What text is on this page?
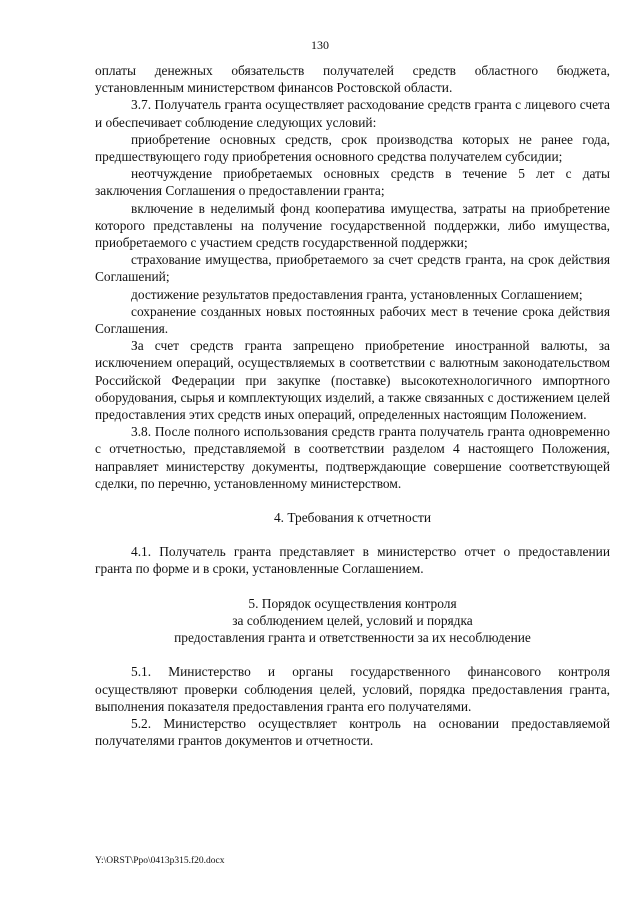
130

оплаты денежных обязательств получателей средств областного бюджета, установленным министерством финансов Ростовской области.

3.7. Получатель гранта осуществляет расходование средств гранта с лицевого счета и обеспечивает соблюдение следующих условий:

приобретение основных средств, срок производства которых не ранее года, предшествующего году приобретения основного средства получателем субсидии;

неотчуждение приобретаемых основных средств в течение 5 лет с даты заключения Соглашения о предоставлении гранта;

включение в неделимый фонд кооператива имущества, затраты на приобретение которого представлены на получение государственной поддержки, либо имущества, приобретаемого с участием средств государственной поддержки;

страхование имущества, приобретаемого за счет средств гранта, на срок действия Соглашений;

достижение результатов предоставления гранта, установленных Соглашением;

сохранение созданных новых постоянных рабочих мест в течение срока действия Соглашения.

За счет средств гранта запрещено приобретение иностранной валюты, за исключением операций, осуществляемых в соответствии с валютным законодательством Российской Федерации при закупке (поставке) высокотехнологичного импортного оборудования, сырья и комплектующих изделий, а также связанных с достижением целей предоставления этих средств иных операций, определенных настоящим Положением.

3.8. После полного использования средств гранта получатель гранта одновременно с отчетностью, представляемой в соответствии разделом 4 настоящего Положения, направляет министерству документы, подтверждающие совершение соответствующей сделки, по перечню, установленному министерством.

4. Требования к отчетности

4.1. Получатель гранта представляет в министерство отчет о предоставлении гранта по форме и в сроки, установленные Соглашением.

5. Порядок осуществления контроля

за соблюдением целей, условий и порядка

предоставления гранта и ответственности за их несоблюдение

5.1. Министерство и органы государственного финансового контроля осуществляют проверки соблюдения целей, условий, порядка предоставления гранта, выполнения показателя предоставления гранта его получателями.

5.2. Министерство осуществляет контроль на основании предоставляемой получателями грантов документов и отчетности.

Y:\ORST\Ppo\0413p315.f20.docx
